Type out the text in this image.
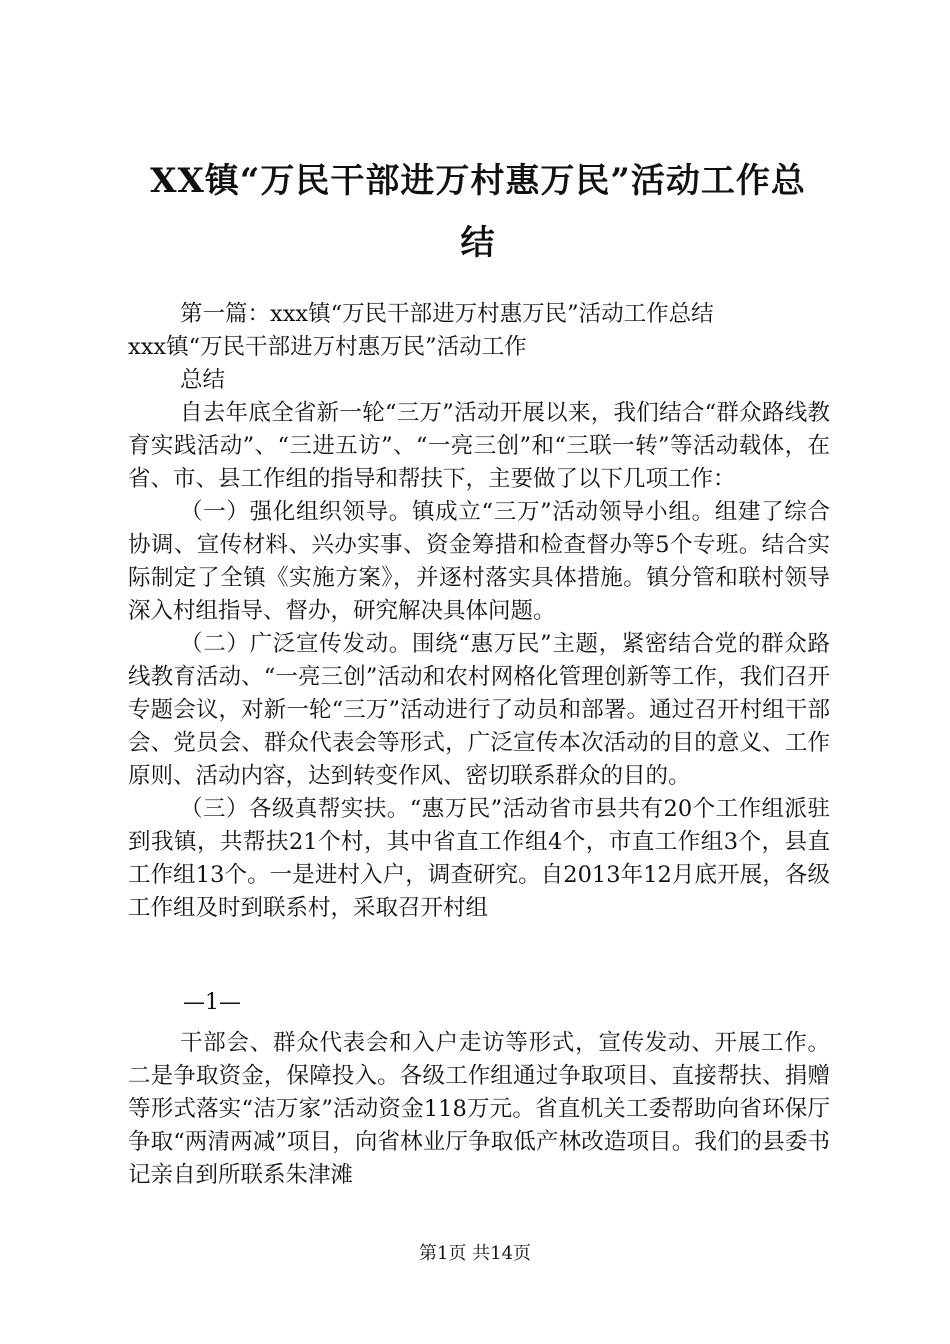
XX镇“万民干部进万村惠万民”活动工作总
结

第一篇：xxx镇“万民干部进万村惠万民”活动工作总结

xxx镇“万民干部进万村惠万民”活动工作

总结

自去年底全省新一轮“三万”活动开展以来，我们结合“群众路线教育实践活动”、“三进五访”、“一亮三创”和“三联一转”等活动载体，在省、市、县工作组的指导和帮扶下，主要做了以下几项工作：

（一）强化组织领导。镇成立“三万”活动领导小组。组建了综合协调、宣传材料、兴办实事、资金筹措和检查督办等5个专班。结合实际制定了全镇《实施方案》，并逐村落实具体措施。镇分管和联村领导深入村组指导、督办，研究解决具体问题。

（二）广泛宣传发动。围绕“惠万民”主题，紧密结合党的群众路线教育活动、“一亮三创”活动和农村网格化管理创新等工作，我们召开专题会议，对新一轮“三万”活动进行了动员和部署。通过召开村组干部会、党员会、群众代表会等形式，广泛宣传本次活动的目的意义、工作原则、活动内容，达到转变作风、密切联系群众的目的。

（三）各级真帮实扶。“惠万民”活动省市县共有20个工作组派驻到我镇，共帮扶21个村，其中省直工作组4个，市直工作组3个，县直工作组13个。一是进村入户，调查研究。自2013年12月底开展，各级工作组及时到联系村，采取召开村组

—1—

干部会、群众代表会和入户走访等形式，宣传发动、开展工作。二是争取资金，保障投入。各级工作组通过争取项目、直接帮扶、捐赠等形式落实“洁万家”活动资金118万元。省直机关工委帮助向省环保厅争取“两清两减”项目，向省林业厅争取低产林改造项目。我们的县委书记亲自到所联系朱津滩

第1页 共14页
